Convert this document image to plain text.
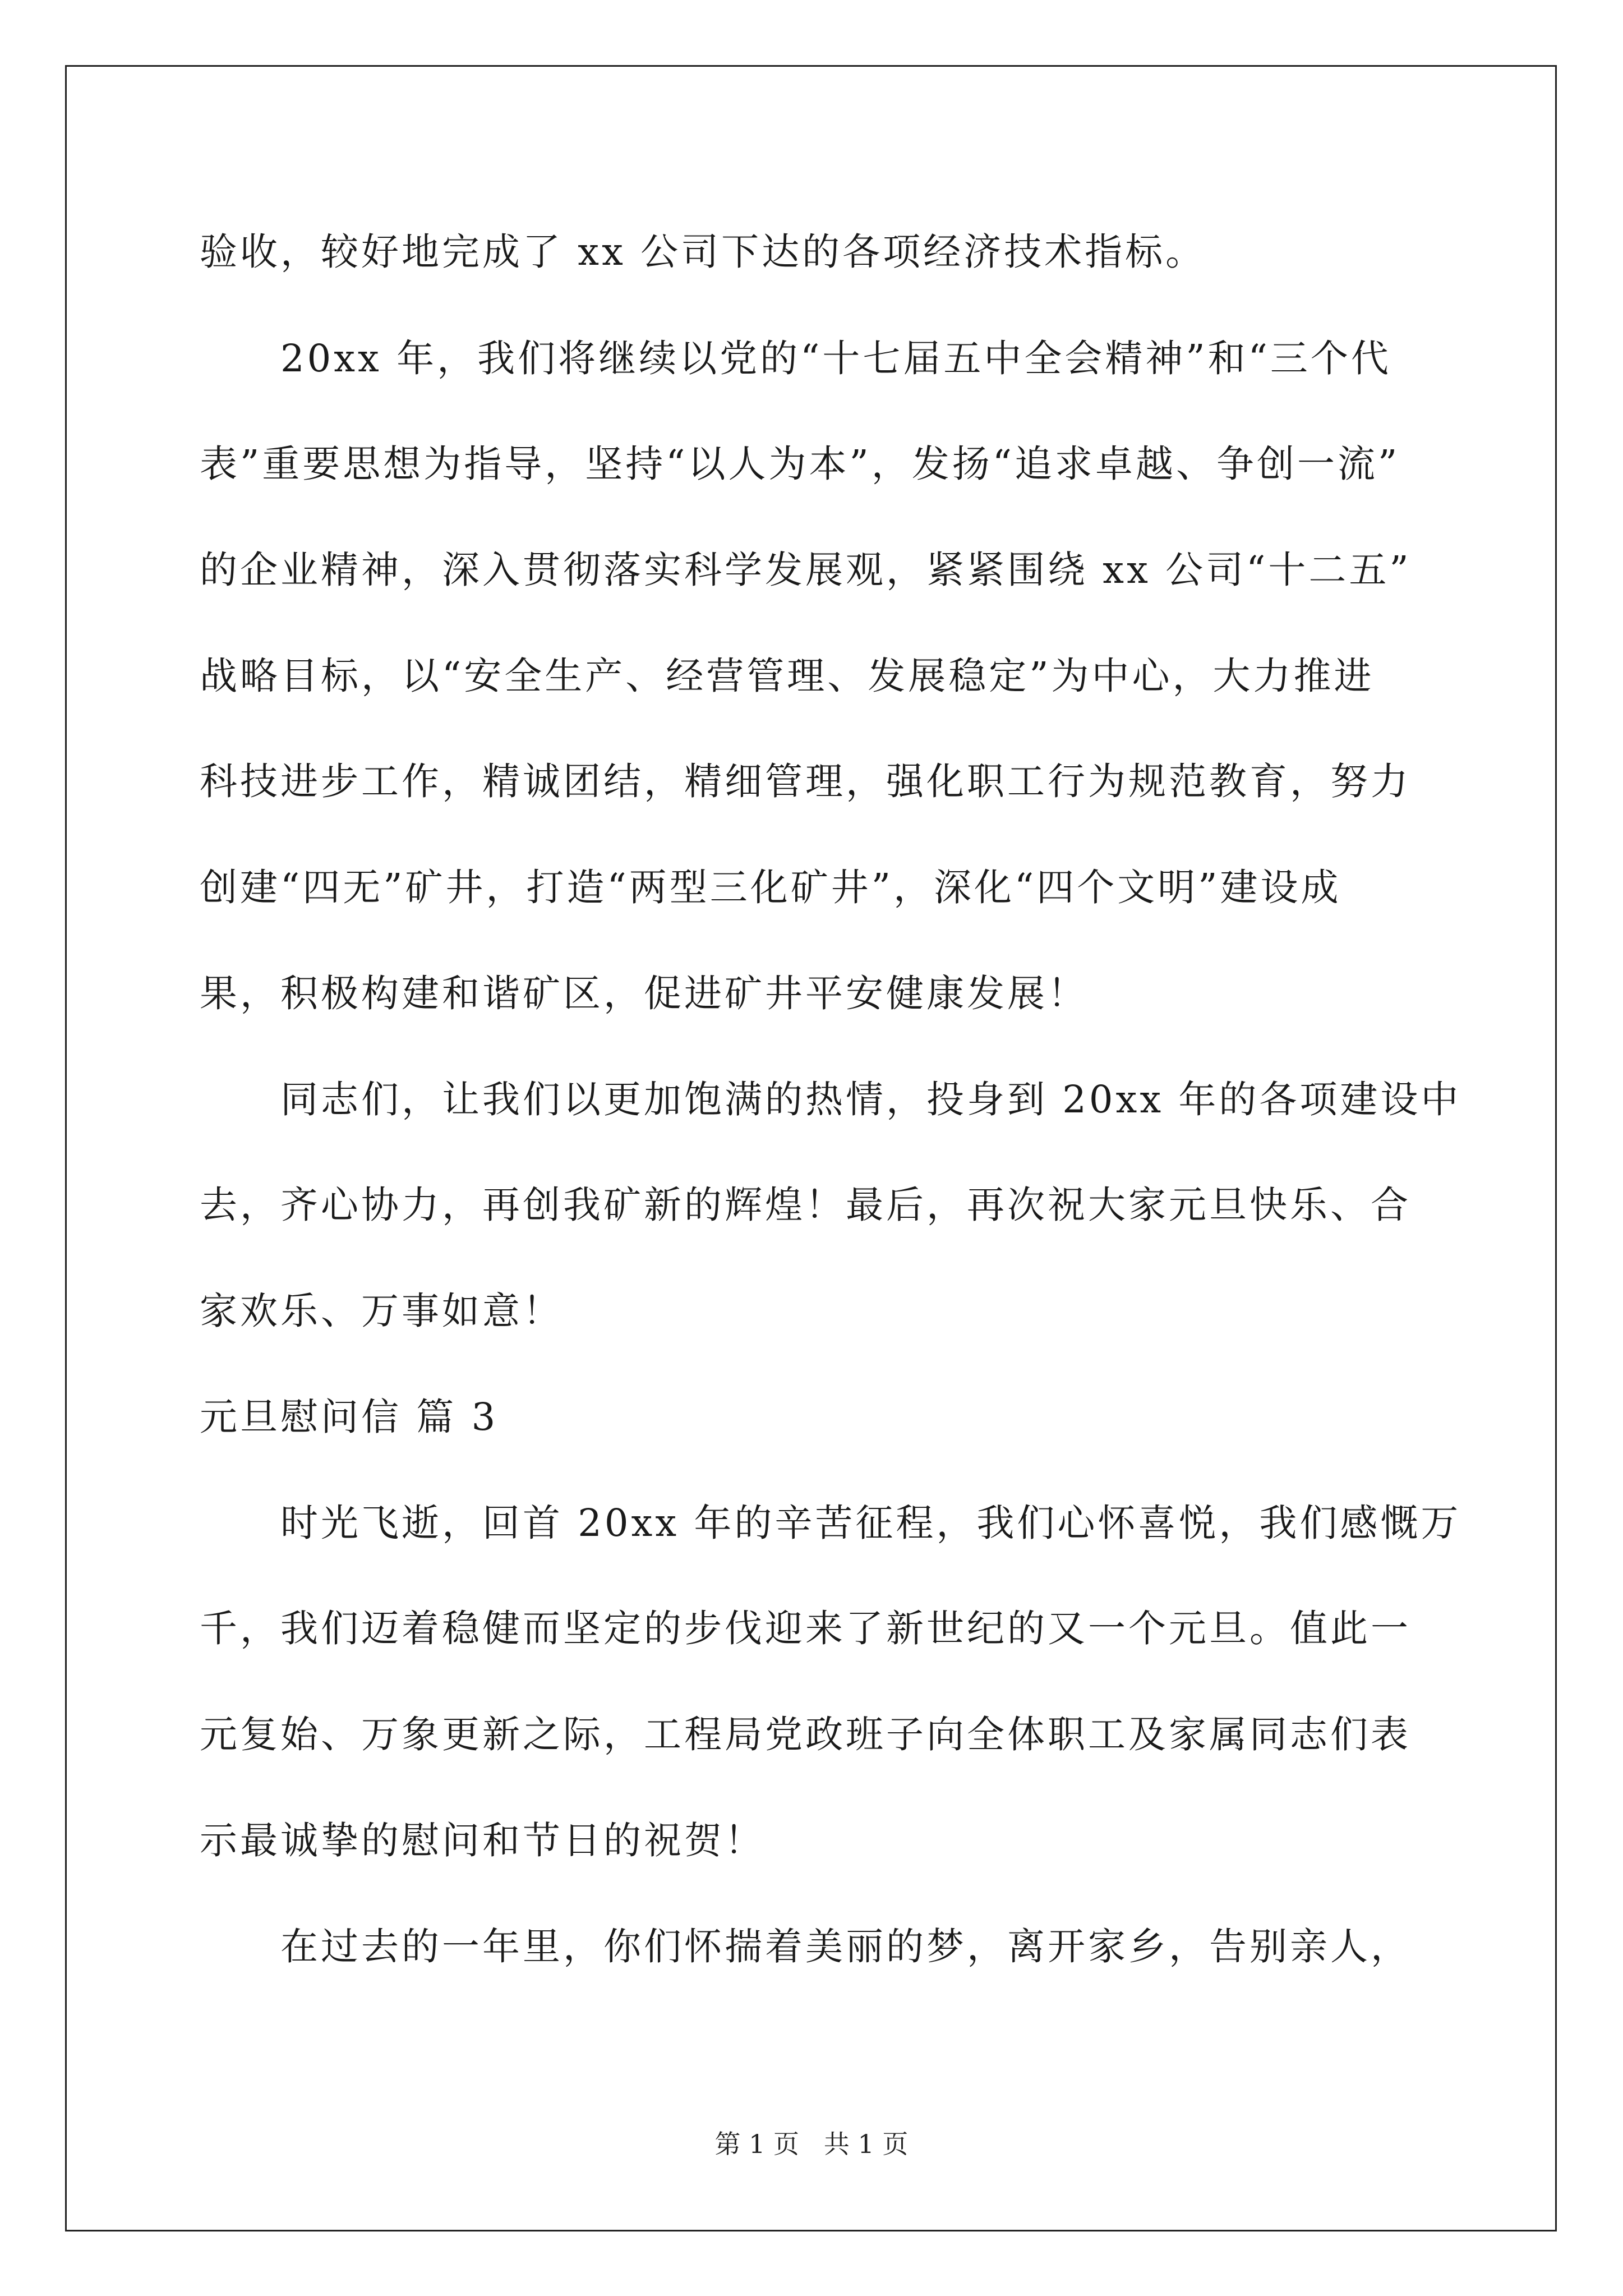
验收，较好地完成了 xx 公司下达的各项经济技术指标。
20xx 年，我们将继续以党的“十七届五中全会精神”和“三个代
表”重要思想为指导，坚持“以人为本”，发扬“追求卓越、争创一流”
的企业精神，深入贯彻落实科学发展观，紧紧围绕 xx 公司“十二五”
战略目标，以“安全生产、经营管理、发展稳定”为中心，大力推进
科技进步工作，精诚团结，精细管理，强化职工行为规范教育，努力
创建“四无”矿井，打造“两型三化矿井”，深化“四个文明”建设成
果，积极构建和谐矿区，促进矿井平安健康发展！
同志们，让我们以更加饱满的热情，投身到 20xx 年的各项建设中
去，齐心协力，再创我矿新的辉煌！最后，再次祝大家元旦快乐、合
家欢乐、万事如意！
元旦慰问信 篇 3
时光飞逝，回首 20xx 年的辛苦征程，我们心怀喜悦，我们感慨万
千，我们迈着稳健而坚定的步伐迎来了新世纪的又一个元旦。值此一
元复始、万象更新之际，工程局党政班子向全体职工及家属同志们表
示最诚挚的慰问和节日的祝贺！
在过去的一年里，你们怀揣着美丽的梦，离开家乡，告别亲人，
第 1 页   共 1 页
